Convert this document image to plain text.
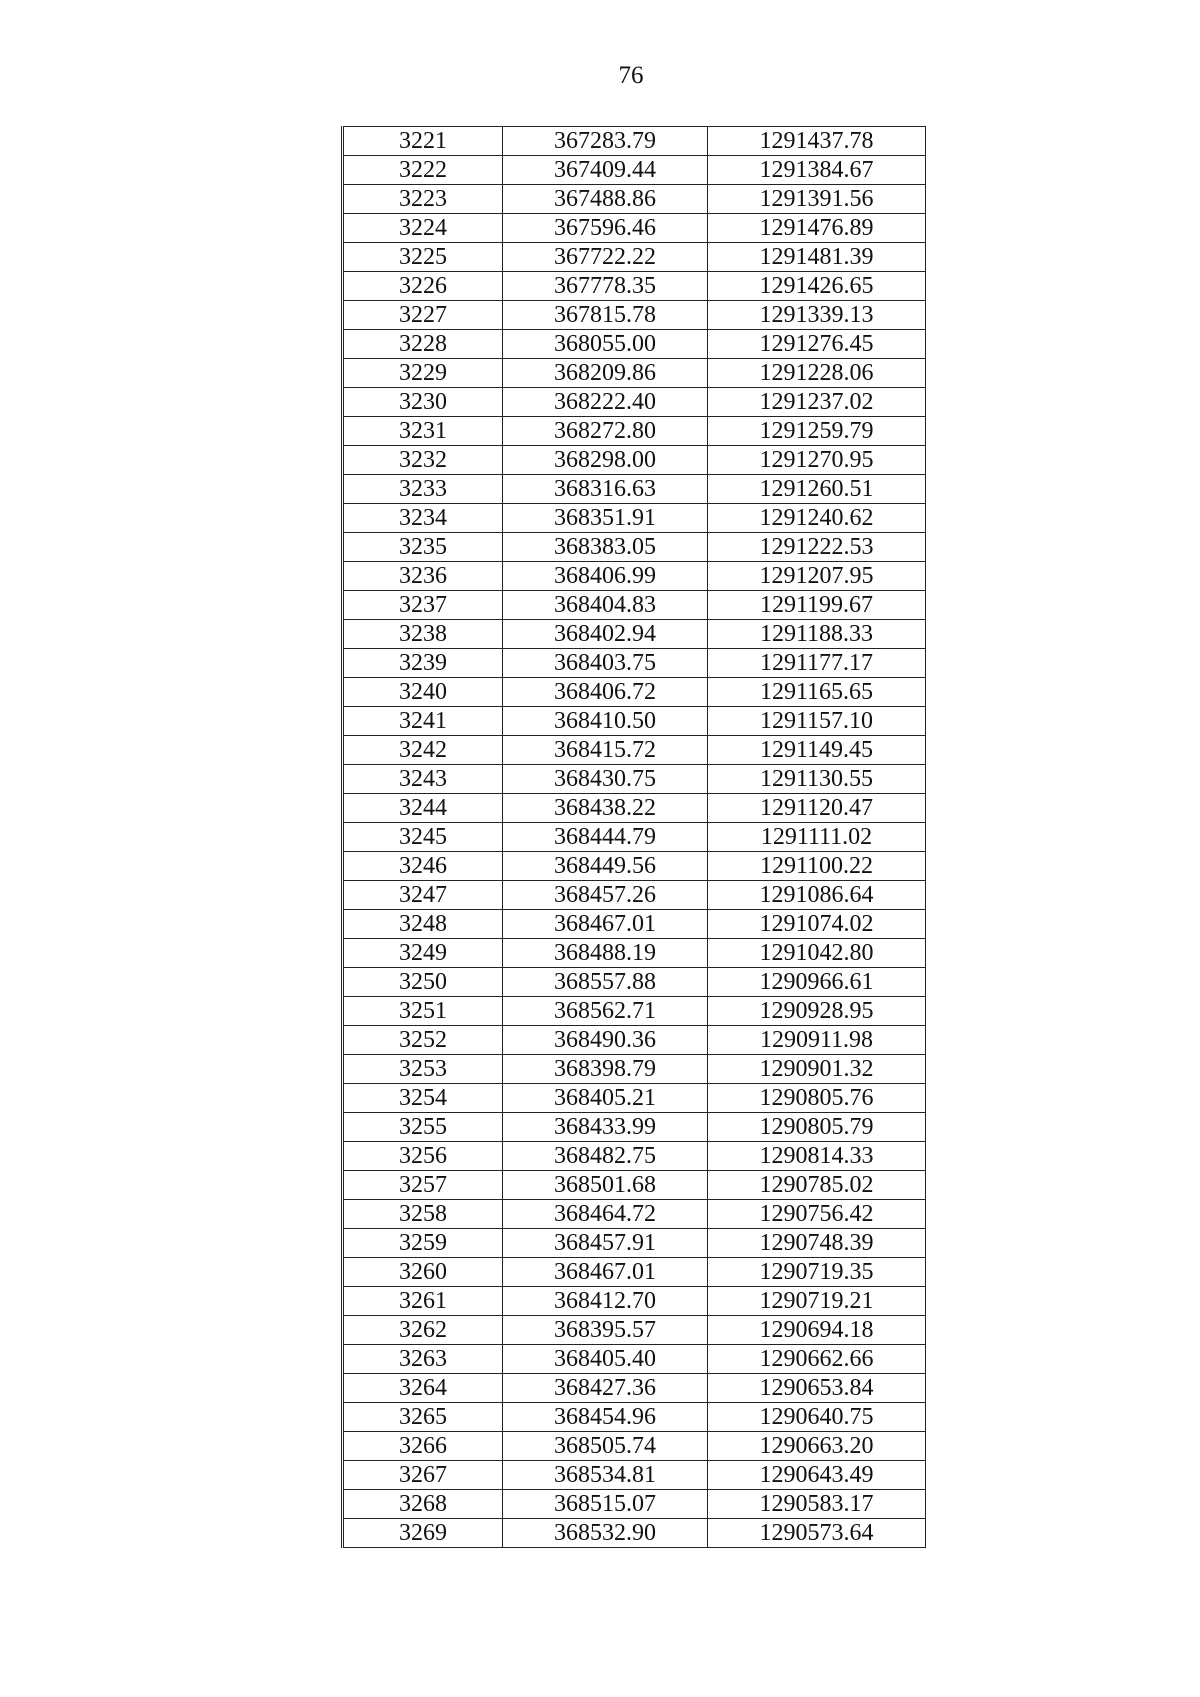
76
3221	367283.79	1291437.78
3222	367409.44	1291384.67
3223	367488.86	1291391.56
3224	367596.46	1291476.89
3225	367722.22	1291481.39
3226	367778.35	1291426.65
3227	367815.78	1291339.13
3228	368055.00	1291276.45
3229	368209.86	1291228.06
3230	368222.40	1291237.02
3231	368272.80	1291259.79
3232	368298.00	1291270.95
3233	368316.63	1291260.51
3234	368351.91	1291240.62
3235	368383.05	1291222.53
3236	368406.99	1291207.95
3237	368404.83	1291199.67
3238	368402.94	1291188.33
3239	368403.75	1291177.17
3240	368406.72	1291165.65
3241	368410.50	1291157.10
3242	368415.72	1291149.45
3243	368430.75	1291130.55
3244	368438.22	1291120.47
3245	368444.79	1291111.02
3246	368449.56	1291100.22
3247	368457.26	1291086.64
3248	368467.01	1291074.02
3249	368488.19	1291042.80
3250	368557.88	1290966.61
3251	368562.71	1290928.95
3252	368490.36	1290911.98
3253	368398.79	1290901.32
3254	368405.21	1290805.76
3255	368433.99	1290805.79
3256	368482.75	1290814.33
3257	368501.68	1290785.02
3258	368464.72	1290756.42
3259	368457.91	1290748.39
3260	368467.01	1290719.35
3261	368412.70	1290719.21
3262	368395.57	1290694.18
3263	368405.40	1290662.66
3264	368427.36	1290653.84
3265	368454.96	1290640.75
3266	368505.74	1290663.20
3267	368534.81	1290643.49
3268	368515.07	1290583.17
3269	368532.90	1290573.64
